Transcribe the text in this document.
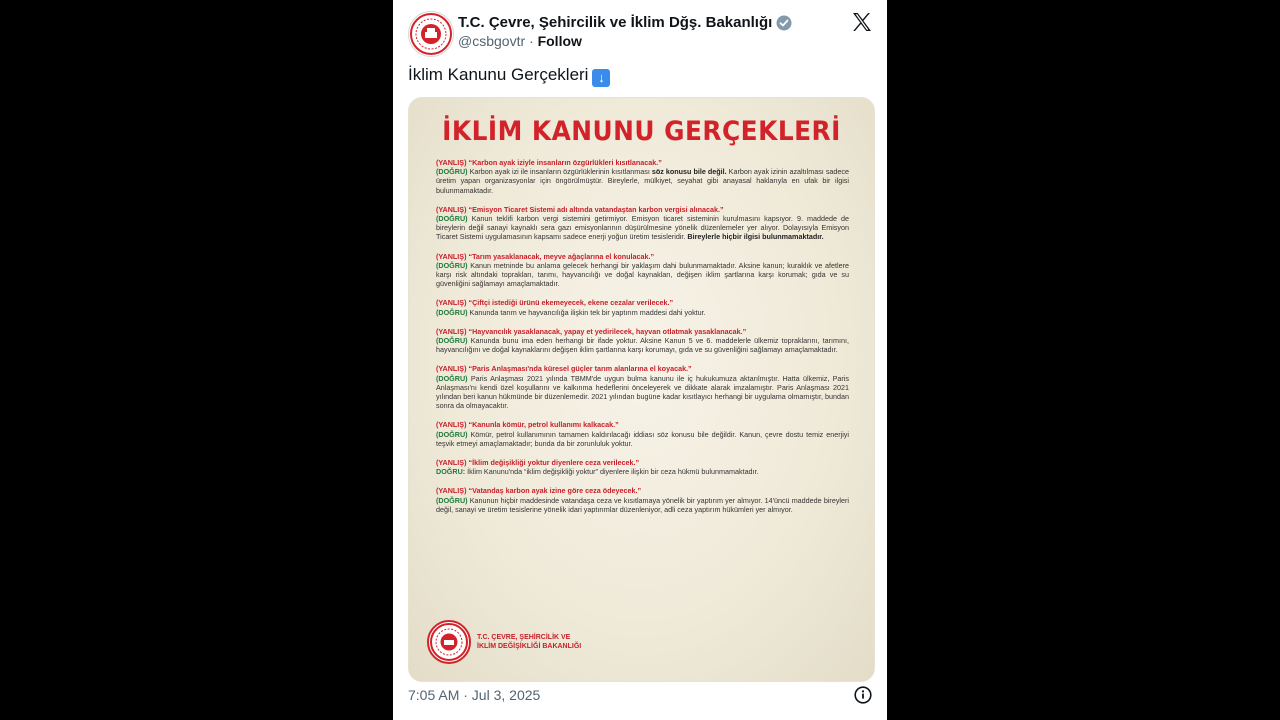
T.C. Çevre, Şehircilik ve İklim Dğş. Bakanlığı
@csbgovtr · Follow
İklim Kanunu Gerçekleri ↓
İKLİM KANUNU GERÇEKLERİ

(YANLIŞ) “Karbon ayak iziyle insanların özgürlükleri kısıtlanacak.”

(DOĞRU) Karbon ayak izi ile insanların özgürlüklerinin kısıtlanması söz konusu bile değil. Karbon ayak izinin azaltılması sadece üretim yapan organizasyonlar için öngörülmüştür. Bireylerle, mülkiyet, seyahat gibi anayasal haklarıyla en ufak bir ilgisi bulunmamaktadır.

(YANLIŞ) “Emisyon Ticaret Sistemi adı altında vatandaştan karbon vergisi alınacak.”

(DOĞRU) Kanun teklifi karbon vergi sistemini getirmiyor. Emisyon ticaret sisteminin kurulmasını kapsıyor. 9. maddede de bireylerin değil sanayi kaynaklı sera gazı emisyonlarının düşürülmesine yönelik düzenlemeler yer alıyor. Dolayısıyla Emisyon Ticaret Sistemi uygulamasının kapsamı sadece enerji yoğun üretim tesisleridir. Bireylerle hiçbir ilgisi bulunmamaktadır.

(YANLIŞ) “Tarım yasaklanacak, meyve ağaçlarına el konulacak.”

(DOĞRU) Kanun metninde bu anlama gelecek herhangi bir yaklaşım dahi bulunmamaktadır. Aksine kanun; kuraklık ve afetlere karşı risk altındaki toprakları, tarımı, hayvancılığı ve doğal kaynakları, değişen iklim şartlarına karşı korumak; gıda ve su güvenliğini sağlamayı amaçlamaktadır.

(YANLIŞ) “Çiftçi istediği ürünü ekemeyecek, ekene cezalar verilecek.”

(DOĞRU) Kanunda tarım ve hayvancılığa ilişkin tek bir yaptırım maddesi dahi yoktur.

(YANLIŞ) “Hayvancılık yasaklanacak, yapay et yedirilecek, hayvan otlatmak yasaklanacak.”

(DOĞRU) Kanunda bunu ima eden herhangi bir ifade yoktur. Aksine Kanun 5 ve 6. maddelerle ülkemiz topraklarını, tarımını, hayvancılığını ve doğal kaynaklarını değişen iklim şartlarına karşı korumayı, gıda ve su güvenliğini sağlamayı amaçlamaktadır.

(YANLIŞ) “Paris Anlaşması'nda küresel güçler tarım alanlarına el koyacak.”

(DOĞRU) Paris Anlaşması 2021 yılında TBMM'de uygun bulma kanunu ile iç hukukumuza aktarılmıştır. Hatta ülkemiz, Paris Anlaşması'nı kendi özel koşullarını ve kalkınma hedeflerini önceleyerek ve dikkate alarak imzalamıştır. Paris Anlaşması 2021 yılından beri kanun hükmünde bir düzenlemedir. 2021 yılından bugüne kadar kısıtlayıcı herhangi bir uygulama olmamıştır, bundan sonra da olmayacaktır.

(YANLIŞ) “Kanunla kömür, petrol kullanımı kalkacak.”

(DOĞRU) Kömür, petrol kullanımının tamamen kaldırılacağı iddiası söz konusu bile değildir. Kanun, çevre dostu temiz enerjiyi teşvik etmeyi amaçlamaktadır; bunda da bir zorunluluk yoktur.

(YANLIŞ) “İklim değişikliği yoktur diyenlere ceza verilecek.”

DOĞRU: İklim Kanunu'nda “iklim değişikliği yoktur” diyenlere ilişkin bir ceza hükmü bulunmamaktadır.

(YANLIŞ) “Vatandaş karbon ayak izine göre ceza ödeyecek.”

(DOĞRU) Kanunun hiçbir maddesinde vatandaşa ceza ve kısıtlamaya yönelik bir yaptırım yer almıyor. 14'üncü maddede bireyleri değil, sanayi ve üretim tesislerine yönelik idari yaptırımlar düzenleniyor, adli ceza yaptırım hükümleri yer almıyor.

T.C. ÇEVRE, ŞEHİRCİLİK VE
İKLİM DEĞİŞİKLİĞİ BAKANLIĞI
7:05 AM · Jul 3, 2025
